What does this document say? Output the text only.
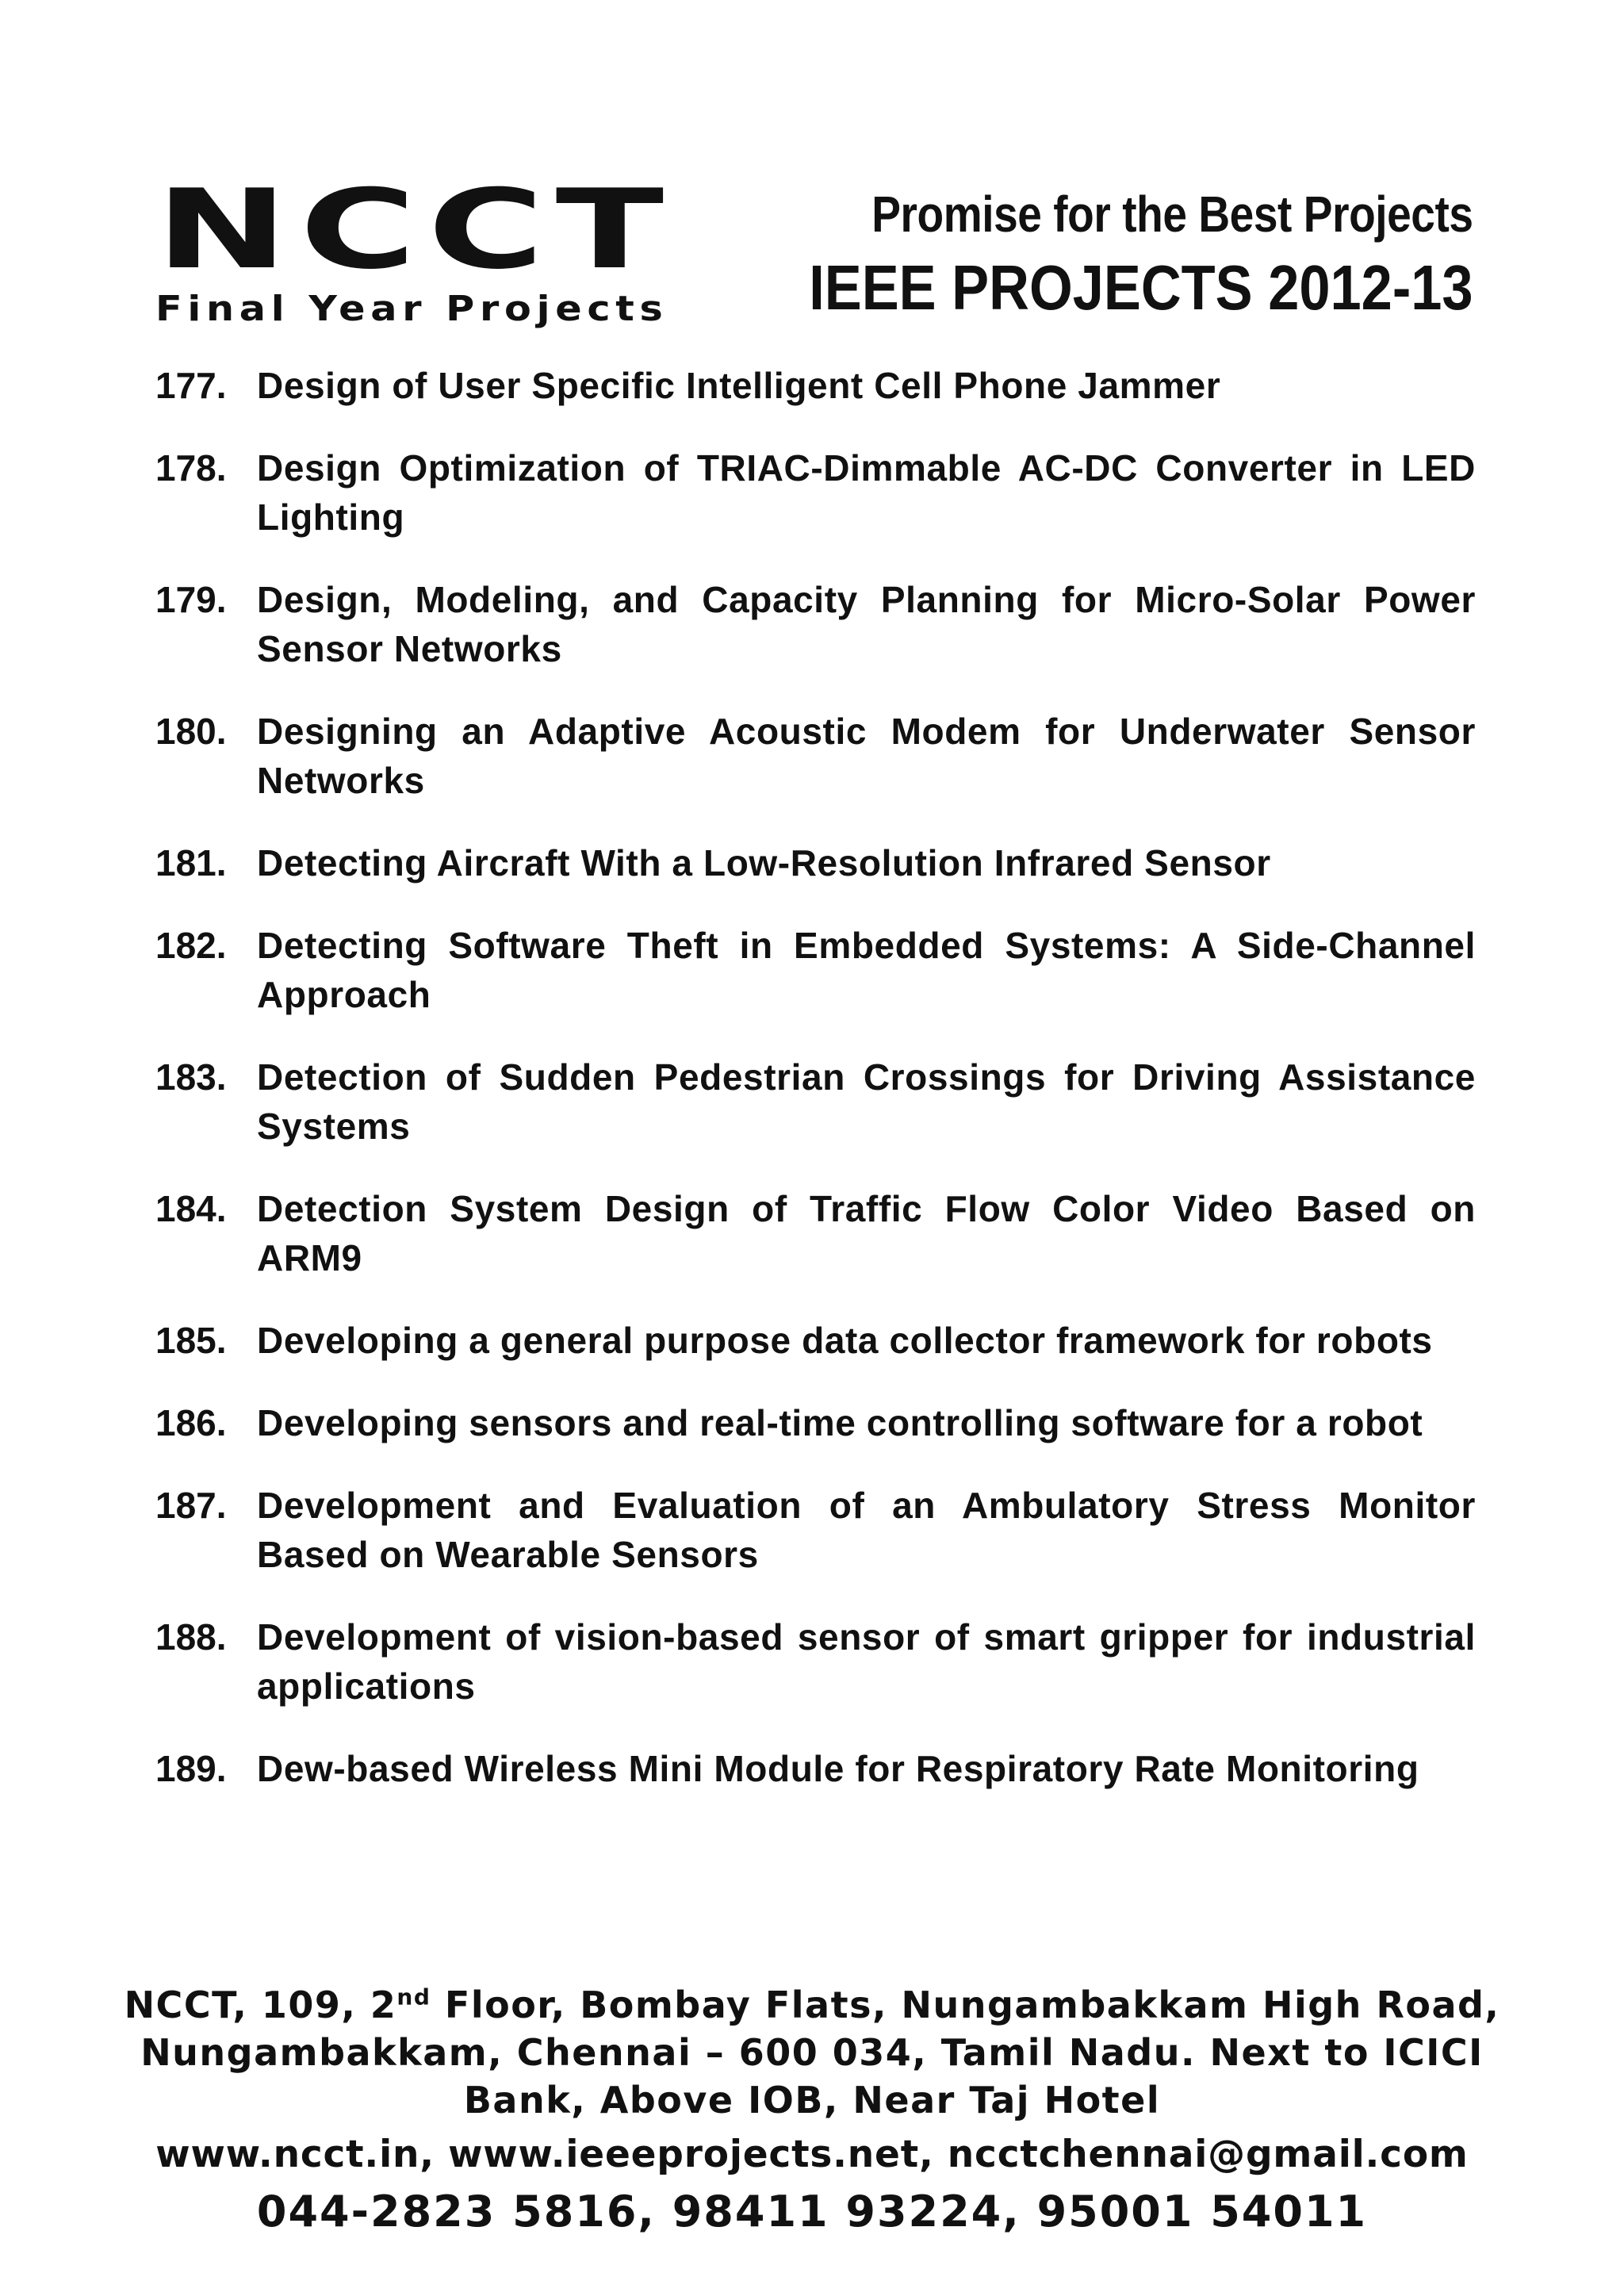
NCCT
Final Year Projects
Promise for the Best Projects
IEEE PROJECTS 2012-13
177. Design of User Specific Intelligent Cell Phone Jammer
178. Design Optimization of TRIAC-Dimmable AC-DC Converter in LED Lighting
179. Design, Modeling, and Capacity Planning for Micro-Solar Power Sensor Networks
180. Designing an Adaptive Acoustic Modem for Underwater Sensor Networks
181. Detecting Aircraft With a Low-Resolution Infrared Sensor
182. Detecting Software Theft in Embedded Systems: A Side-Channel Approach
183. Detection of Sudden Pedestrian Crossings for Driving Assistance Systems
184. Detection System Design of Traffic Flow Color Video Based on ARM9
185. Developing a general purpose data collector framework for robots
186. Developing sensors and real-time controlling software for a robot
187. Development and Evaluation of an Ambulatory Stress Monitor Based on Wearable Sensors
188. Development of vision-based sensor of smart gripper for industrial applications
189. Dew-based Wireless Mini Module for Respiratory Rate Monitoring
NCCT, 109, 2nd Floor, Bombay Flats, Nungambakkam High Road, Nungambakkam, Chennai – 600 034, Tamil Nadu. Next to ICICI Bank, Above IOB, Near Taj Hotel
www.ncct.in, www.ieeeprojects.net, ncctchennai@gmail.com
044-2823 5816, 98411 93224, 95001 54011
